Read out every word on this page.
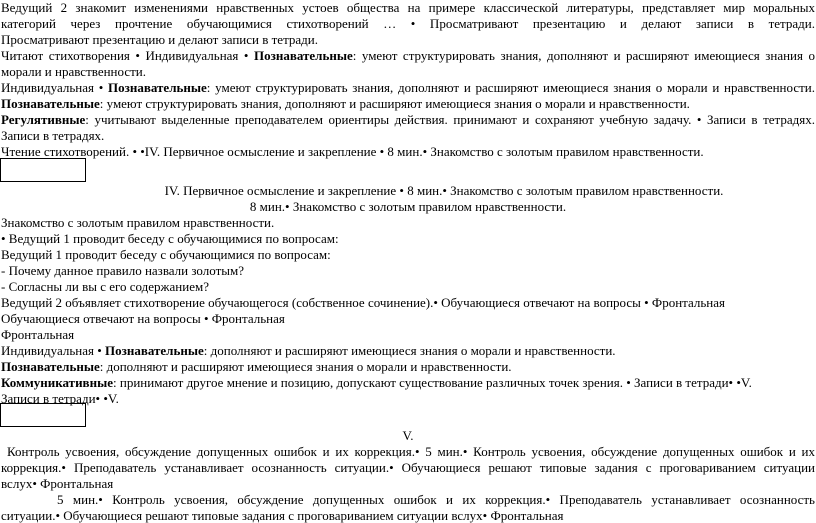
Ведущий 2 знакомит изменениями нравственных устоев общества на примере классической литературы, представляет мир моральных
категорий через прочтение обучающимися стихотворений … • Просматривают презентацию и делают записи в тетради.
Просматривают презентацию и делают записи в тетради.
Читают стихотворения • Индивидуальная • Познавательные: умеют структурировать знания, дополняют и расширяют имеющиеся знания о
морали и нравственности.
Индивидуальная • Познавательные: умеют структурировать знания, дополняют и расширяют имеющиеся знания о морали и нравственности.
Познавательные: умеют структурировать знания, дополняют и расширяют имеющиеся знания о морали и нравственности.
Регулятивные: учитывают выделенные преподавателем ориентиры действия. принимают и сохраняют учебную задачу. • Записи в тетрадях.
Записи в тетрадях.
Чтение стихотворений. • •IV. Первичное осмысление и закрепление • 8 мин.• Знакомство с золотым правилом нравственности.
IV. Первичное осмысление и закрепление • 8 мин.• Знакомство с золотым правилом нравственности.
8 мин.• Знакомство с золотым правилом нравственности.
Знакомство с золотым правилом нравственности.
• Ведущий 1 проводит беседу с обучающимися по вопросам:
Ведущий 1 проводит беседу с обучающимися по вопросам:
- Почему данное правило назвали золотым?
- Согласны ли вы с его содержанием?
Ведущий 2 объявляет стихотворение обучающегося (собственное сочинение).• Обучающиеся отвечают на вопросы • Фронтальная
Обучающиеся отвечают на вопросы • Фронтальная
Фронтальная
Индивидуальная • Познавательные: дополняют и расширяют имеющиеся знания о морали и нравственности.
Познавательные: дополняют и расширяют имеющиеся знания о морали и нравственности.
Коммуникативные: принимают другое мнение и позицию, допускают существование различных точек зрения. • Записи в тетради• •V.
Записи в тетради• •V.
V.
Контроль усвоения, обсуждение допущенных ошибок и их коррекция.• 5 мин.• Контроль усвоения, обсуждение допущенных ошибок и их
коррекция.• Преподаватель устанавливает осознанность ситуации.• Обучающиеся решают типовые задания с проговариванием ситуации
вслух• Фронтальная
5 мин.• Контроль усвоения, обсуждение допущенных ошибок и их коррекция.• Преподаватель устанавливает осознанность
ситуации.• Обучающиеся решают типовые задания с проговариванием ситуации вслух• Фронтальная
